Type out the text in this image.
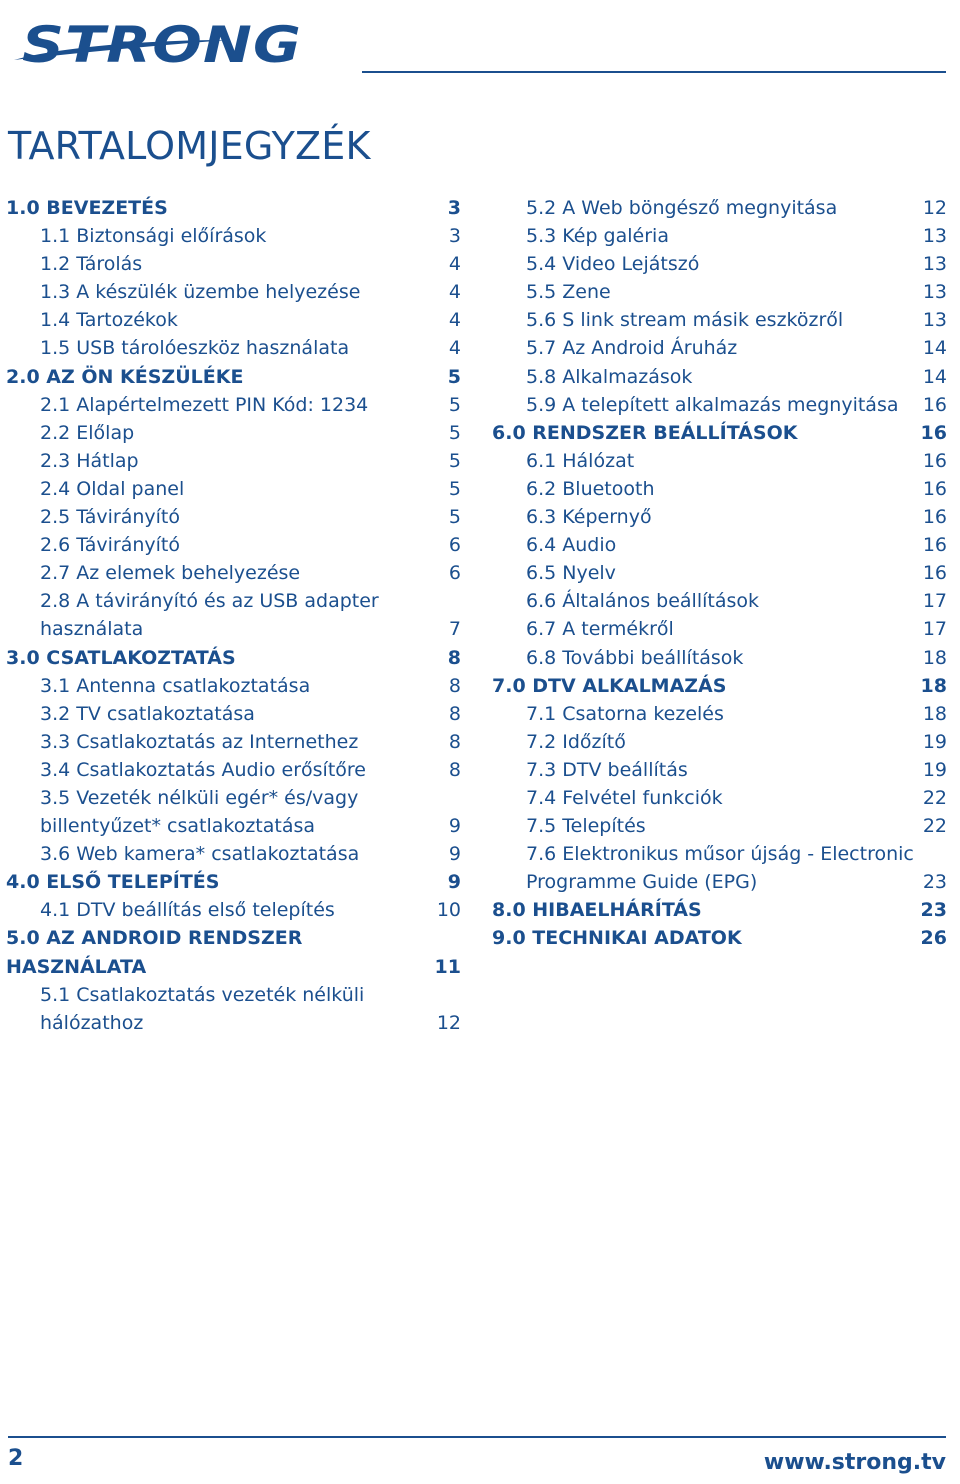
STRONG
TARTALOMJEGYZÉK
1.0 BEVEZETÉS	3
1.1 Biztonsági előírások	3
1.2 Tárolás	4
1.3 A készülék üzembe helyezése	4
1.4 Tartozékok	4
1.5 USB tárolóeszköz használata	4
2.0 AZ ÖN KÉSZÜLÉKE	5
2.1 Alapértelmezett PIN Kód: 1234	5
2.2 Előlap	5
2.3 Hátlap	5
2.4 Oldal panel	5
2.5 Távirányító	5
2.6 Távirányító	6
2.7 Az elemek behelyezése	6
2.8 A távirányító és az USB adapter használata	7
3.0 CSATLAKOZTATÁS	8
3.1 Antenna csatlakoztatása	8
3.2 TV csatlakoztatása	8
3.3 Csatlakoztatás az Internethez	8
3.4 Csatlakoztatás Audio erősítőre	8
3.5 Vezeték nélküli egér* és/vagy billentyűzet* csatlakoztatása	9
3.6 Web kamera* csatlakoztatása	9
4.0 ELSŐ TELEPÍTÉS	9
4.1 DTV beállítás első telepítés	10
5.0 AZ ANDROID RENDSZER HASZNÁLATA	11
5.1 Csatlakoztatás vezeték nélküli hálózathoz	12
5.2 A Web böngésző megnyitása	12
5.3 Kép galéria	13
5.4 Video Lejátszó	13
5.5 Zene	13
5.6 S link stream másik eszközről	13
5.7 Az Android Áruház	14
5.8 Alkalmazások	14
5.9 A telepített alkalmazás megnyitása	16
6.0 RENDSZER BEÁLLÍTÁSOK	16
6.1 Hálózat	16
6.2 Bluetooth	16
6.3 Képernyő	16
6.4 Audio	16
6.5 Nyelv	16
6.6 Általános beállítások	17
6.7 A termékről	17
6.8 További beállítások	18
7.0 DTV ALKALMAZÁS	18
7.1 Csatorna kezelés	18
7.2 Időzítő	19
7.3 DTV beállítás	19
7.4 Felvétel funkciók	22
7.5 Telepítés	22
7.6 Elektronikus műsor újság - Electronic Programme Guide (EPG)	23
8.0 HIBAELHÁRÍTÁS	23
9.0 TECHNIKAI ADATOK	26
2	www.strong.tv
